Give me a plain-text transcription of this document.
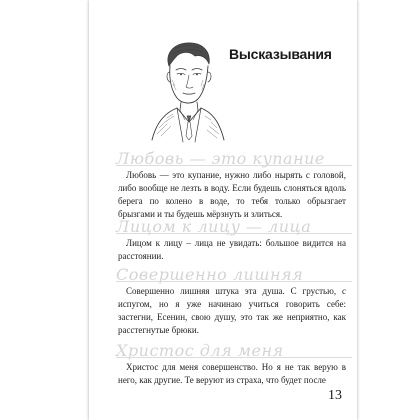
Высказывания
Любовь — это купание

Любовь — это купание, нужно либо нырять с головой, либо вообще не лезть в воду. Если будешь слоняться вдоль берега по колено в воде, то тебя только обрызгает брызгами и ты будешь мёрзнуть и злиться.

Лицом к лицу — лица

Лицом к лицу – лица не увидать: большое видится на расстоянии.

Совершенно лишняя

Совершенно лишняя штука эта душа. С грустью, с испугом, но я уже начинаю учиться говорить себе: застегни, Есенин, свою душу, это так же неприятно, как расстегнутые брюки.

Христос для меня

Христос для меня совершенство. Но я не так верую в него, как другие. Те веруют из страха, что будет после

13
